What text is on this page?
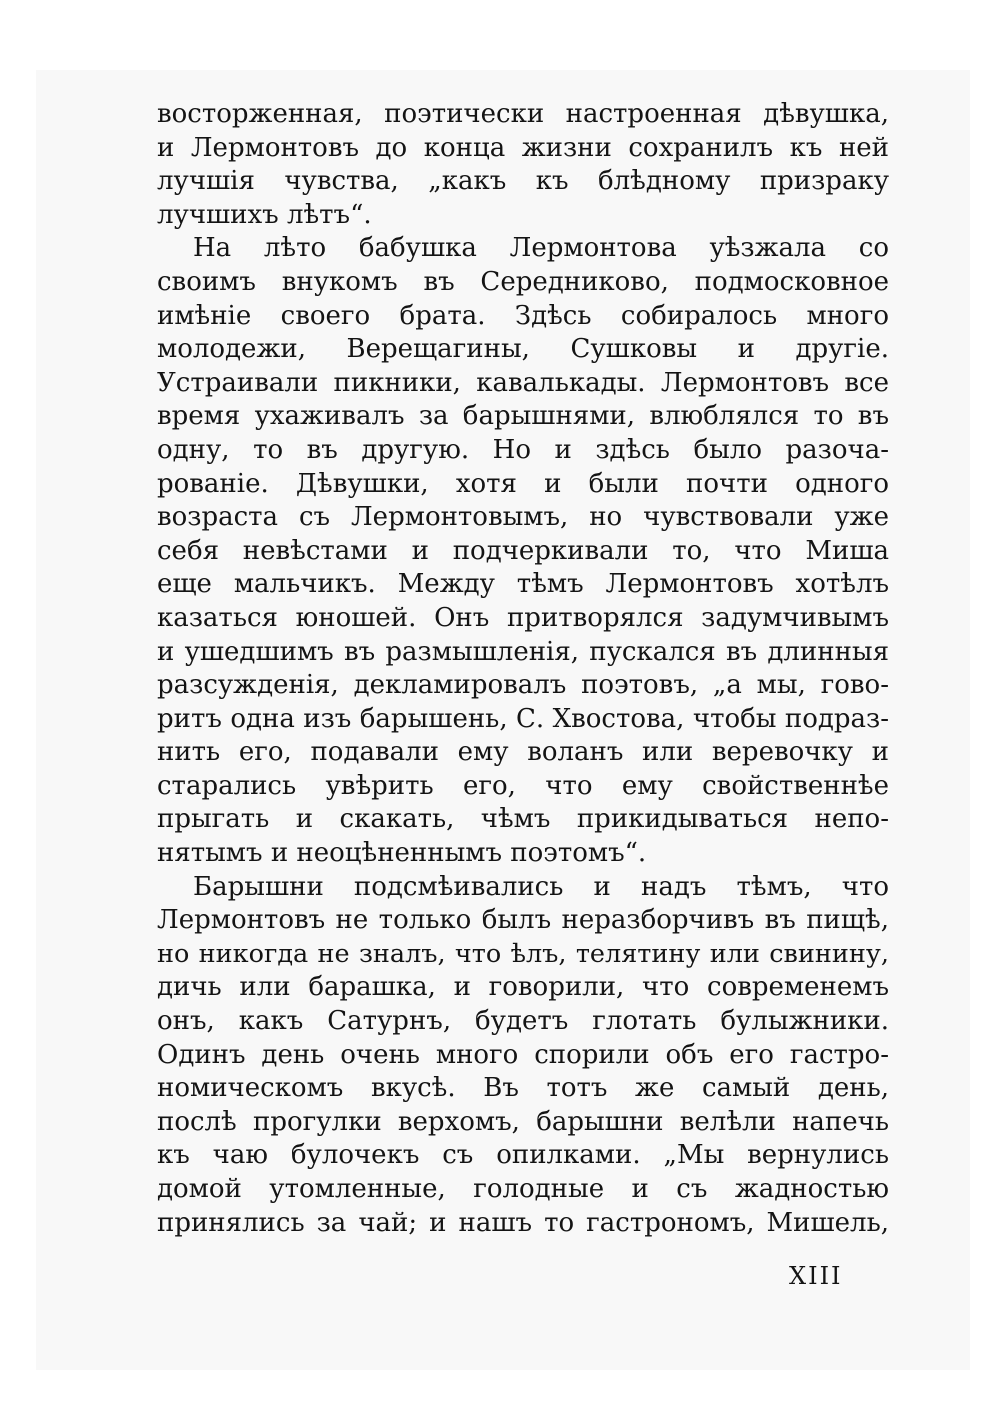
восторженная, поэтически настроенная дѣвушка,
и Лермонтовъ до конца жизни сохранилъ къ ней
лучшія чувства, „какъ къ блѣдному призраку
лучшихъ лѣтъ“.
На лѣто бабушка Лермонтова уѣзжала со
своимъ внукомъ въ Середниково, подмосковное
имѣніе своего брата. Здѣсь собиралось много
молодежи, Верещагины, Сушковы и другіе.
Устраивали пикники, кавалькады. Лермонтовъ все
время ухаживалъ за барышнями, влюблялся то въ
одну, то въ другую. Но и здѣсь было разоча-
рованіе. Дѣвушки, хотя и были почти одного
возраста съ Лермонтовымъ, но чувствовали уже
себя невѣстами и подчеркивали то, что Миша
еще мальчикъ. Между тѣмъ Лермонтовъ хотѣлъ
казаться юношей. Онъ притворялся задумчивымъ
и ушедшимъ въ размышленія, пускался въ длинныя
разсужденія, декламировалъ поэтовъ, „а мы, гово-
ритъ одна изъ барышень, С. Хвостова, чтобы подраз-
нить его, подавали ему воланъ или веревочку и
старались увѣрить его, что ему свойственнѣе
прыгать и скакать, чѣмъ прикидываться непо-
нятымъ и неоцѣненнымъ поэтомъ“.
Барышни подсмѣивались и надъ тѣмъ, что
Лермонтовъ не только былъ неразборчивъ въ пищѣ,
но никогда не зналъ, что ѣлъ, телятину или свинину,
дичь или барашка, и говорили, что современемъ
онъ, какъ Сатурнъ, будетъ глотать булыжники.
Одинъ день очень много спорили объ его гастро-
номическомъ вкусѣ. Въ тотъ же самый день,
послѣ прогулки верхомъ, барышни велѣли напечь
къ чаю булочекъ съ опилками. „Мы вернулись
домой утомленные, голодные и съ жадностью
принялись за чай; и нашъ то гастрономъ, Мишель,
XIII
